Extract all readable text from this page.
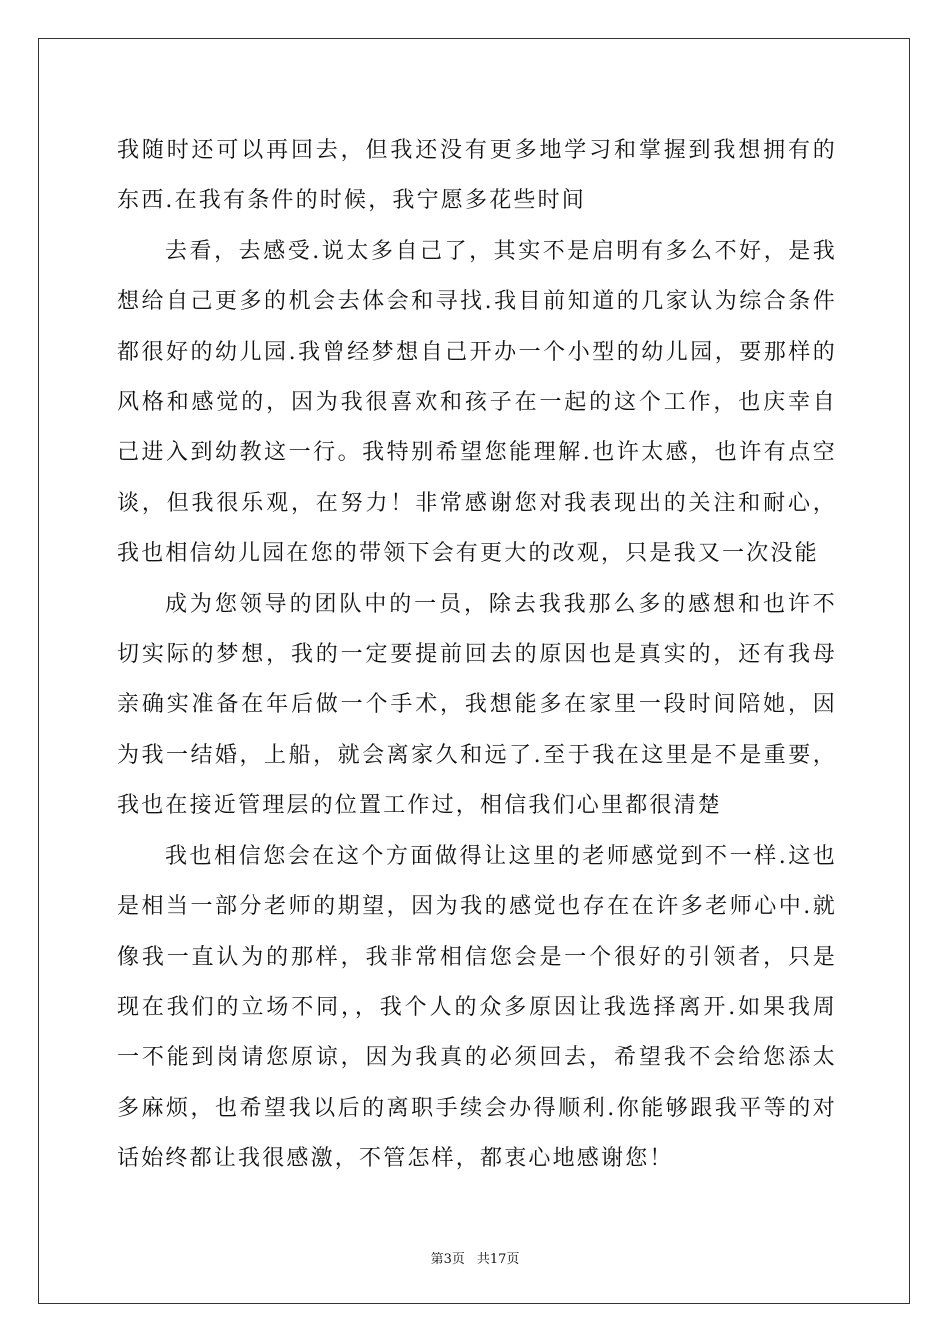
我随时还可以再回去，但我还没有更多地学习和掌握到我想拥有的东西.在我有条件的时候，我宁愿多花些时间

去看，去感受.说太多自己了，其实不是启明有多么不好，是我想给自己更多的机会去体会和寻找.我目前知道的几家认为综合条件都很好的幼儿园.我曾经梦想自己开办一个小型的幼儿园，要那样的风格和感觉的，因为我很喜欢和孩子在一起的这个工作，也庆幸自己进入到幼教这一行。我特别希望您能理解.也许太感，也许有点空谈，但我很乐观，在努力！非常感谢您对我表现出的关注和耐心，我也相信幼儿园在您的带领下会有更大的改观，只是我又一次没能

成为您领导的团队中的一员，除去我我那么多的感想和也许不切实际的梦想，我的一定要提前回去的原因也是真实的，还有我母亲确实准备在年后做一个手术，我想能多在家里一段时间陪她，因为我一结婚，上船，就会离家久和远了.至于我在这里是不是重要，我也在接近管理层的位置工作过，相信我们心里都很清楚

我也相信您会在这个方面做得让这里的老师感觉到不一样.这也是相当一部分老师的期望，因为我的感觉也存在在许多老师心中.就像我一直认为的那样，我非常相信您会是一个很好的引领者，只是现在我们的立场不同，，我个人的众多原因让我选择离开.如果我周一不能到岗请您原谅，因为我真的必须回去，希望我不会给您添太多麻烦，也希望我以后的离职手续会办得顺利.你能够跟我平等的对话始终都让我很感激，不管怎样，都衷心地感谢您！

第3页 共17页
